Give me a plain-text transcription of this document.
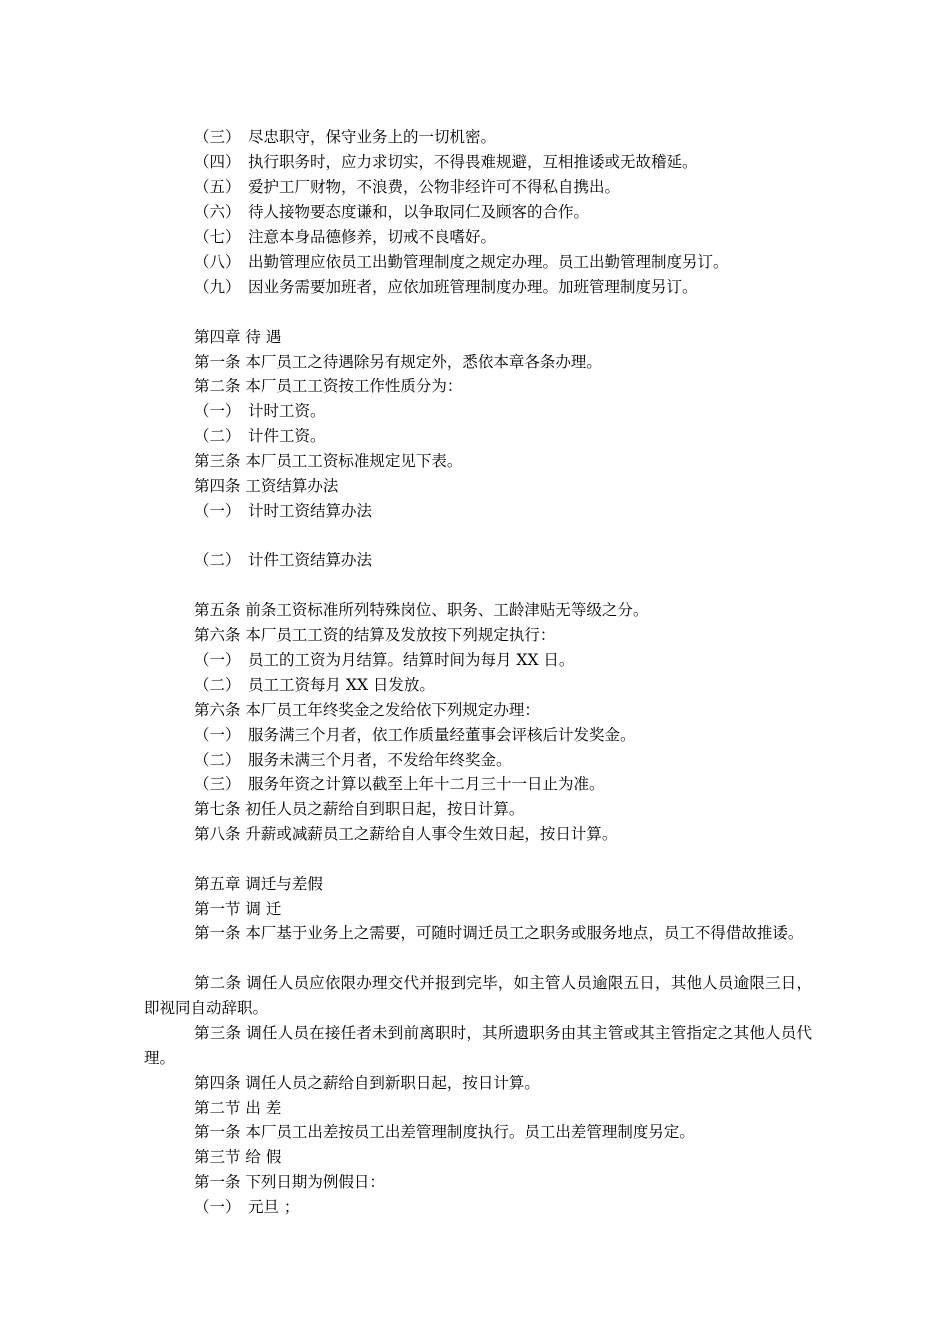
（三） 尽忠职守，保守业务上的一切机密。
（四） 执行职务时，应力求切实，不得畏难规避，互相推诿或无故稽延。
（五） 爱护工厂财物，不浪费，公物非经许可不得私自携出。
（六） 待人接物要态度谦和，以争取同仁及顾客的合作。
（七） 注意本身品德修养，切戒不良嗜好。
（八） 出勤管理应依员工出勤管理制度之规定办理。员工出勤管理制度另订。
（九） 因业务需要加班者，应依加班管理制度办理。加班管理制度另订。
第四章 待 遇
第一条 本厂员工之待遇除另有规定外，悉依本章各条办理。
第二条 本厂员工工资按工作性质分为：
（一） 计时工资。
（二） 计件工资。
第三条 本厂员工工资标准规定见下表。
第四条 工资结算办法
（一） 计时工资结算办法
（二） 计件工资结算办法
第五条 前条工资标准所列特殊岗位、职务、工龄津贴无等级之分。
第六条 本厂员工工资的结算及发放按下列规定执行：
（一） 员工的工资为月结算。结算时间为每月 XX 日。
（二） 员工工资每月 XX 日发放。
第六条 本厂员工年终奖金之发给依下列规定办理：
（一） 服务满三个月者，依工作质量经董事会评核后计发奖金。
（二） 服务未满三个月者，不发给年终奖金。
（三） 服务年资之计算以截至上年十二月三十一日止为准。
第七条 初任人员之薪给自到职日起，按日计算。
第八条 升薪或减薪员工之薪给自人事令生效日起，按日计算。
第五章 调迁与差假
第一节 调 迁
第一条 本厂基于业务上之需要，可随时调迁员工之职务或服务地点，员工不得借故推诿。
第二条 调任人员应依限办理交代并报到完毕，如主管人员逾限五日，其他人员逾限三日，即视同自动辞职。
第三条 调任人员在接任者未到前离职时，其所遗职务由其主管或其主管指定之其他人员代理。
第四条 调任人员之薪给自到新职日起，按日计算。
第二节 出 差
第一条 本厂员工出差按员工出差管理制度执行。员工出差管理制度另定。
第三节 给 假
第一条 下列日期为例假日：
（一） 元旦 ；
